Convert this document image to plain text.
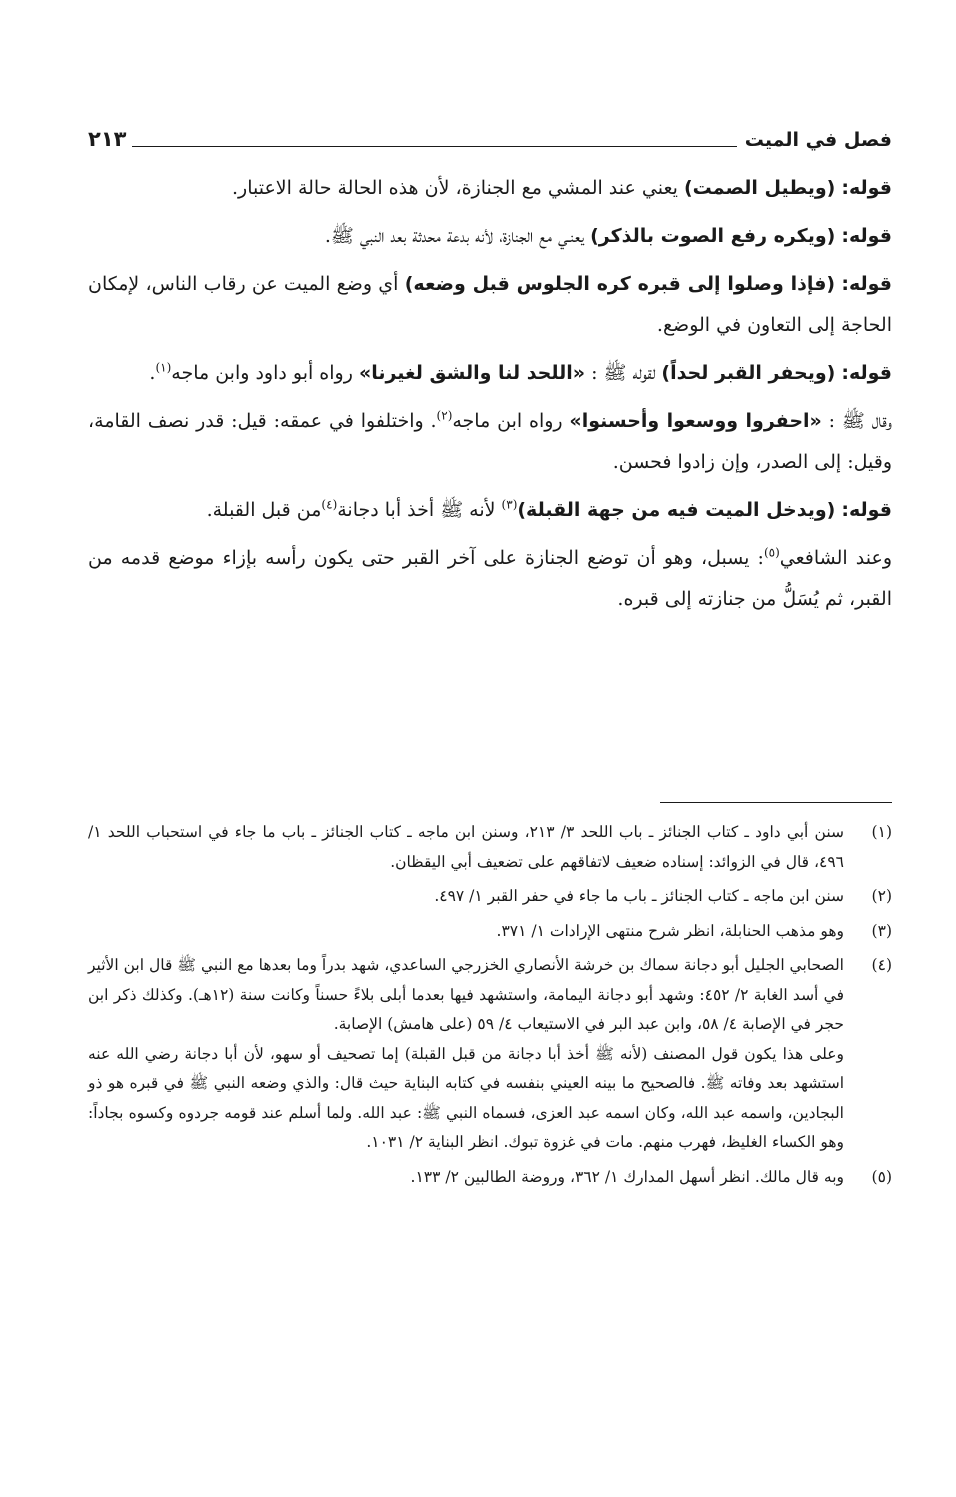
فصل في الميت
٢١٣

قوله: (ويطيل الصمت) يعني عند المشي مع الجنازة، لأن هذه الحالة حالة الاعتبار.

قوله: (ويكره رفع الصوت بالذكر) يعنـي مع الجنازة، لأنه بدعة محدثة بعد النبي ﷺ.

قوله: (فإذا وصلوا إلى قبره كره الجلوس قبل وضعه) أي وضع الميت عن رقاب الناس، لإمكان الحاجة إلى التعاون في الوضع.

قوله: (ويحفر القبر لحداً) لقوله ﷺ : «اللحد لنا والشق لغيرنا» رواه أبو داود وابن ماجه$^{(١)}$.

وقال ﷺ : «احفروا ووسعوا وأحسنوا» رواه ابن ماجه$^{(٢)}$. واختلفوا في عمقه: قيل: قدر نصف القامة، وقيل: إلى الصدر، وإن زادوا فحسن.

قوله: (ويدخل الميت فيه من جهة القبلة)$^{(٣)}$ لأنه ﷺ أخذ أبا دجانة$^{(٤)}$من قبل القبلة.

وعند الشافعي$^{(٥)}$: يسبل، وهو أن توضع الجنازة على آخر القبر حتى يكون رأسه بإزاء موضع قدمه من القبر، ثم يُسَلُّ من جنازته إلى قبره.

(١)
سنن أبي داود ـ كتاب الجنائز ـ باب اللحد ٣/ ٢١٣، وسنن ابن ماجه ـ كتاب الجنائز ـ باب ما جاء في استحباب اللحد ١/ ٤٩٦، قال في الزوائد: إسناده ضعيف لاتفاقهم على تضعيف أبي اليقظان.
(٢)
سنن ابن ماجه ـ كتاب الجنائز ـ باب ما جاء في حفر القبر ١/ ٤٩٧.
(٣)
وهو مذهب الحنابلة، انظر شرح منتهى الإرادات ١/ ٣٧١.
(٤)
الصحابي الجليل أبو دجانة سماك بن خرشة الأنصاري الخزرجي الساعدي، شهد بدراً وما بعدها مع النبي ﷺ قال ابن الأثير في أسد الغابة ٢/ ٤٥٢: وشهد أبو دجانة اليمامة، واستشهد فيها بعدما أبلى بلاءً حسناً وكانت سنة (١٢هـ). وكذلك ذكر ابن حجر في الإصابة ٤/ ٥٨، وابن عبد البر في الاستيعاب ٤/ ٥٩ (على هامش) الإصابة.
وعلى هذا يكون قول المصنف (لأنه ﷺ أخذ أبا دجانة من قبل القبلة) إما تصحيف أو سهو، لأن أبا دجانة رضي الله عنه استشهد بعد وفاته ﷺ. فالصحيح ما بينه العيني بنفسه في كتابه البناية حيث قال: والذي وضعه النبي ﷺ في قبره هو ذو البجادين، واسمه عبد الله، وكان اسمه عبد العزى، فسماه النبي ﷺ: عبد الله. ولما أسلم عند قومه جردوه وكسوه بجاداً: وهو الكساء الغليظ، فهرب منهم. مات في غزوة تبوك. انظر البناية ٢/ ١٠٣١.
(٥)
وبه قال مالك. انظر أسهل المدارك ١/ ٣٦٢، وروضة الطالبين ٢/ ١٣٣.
